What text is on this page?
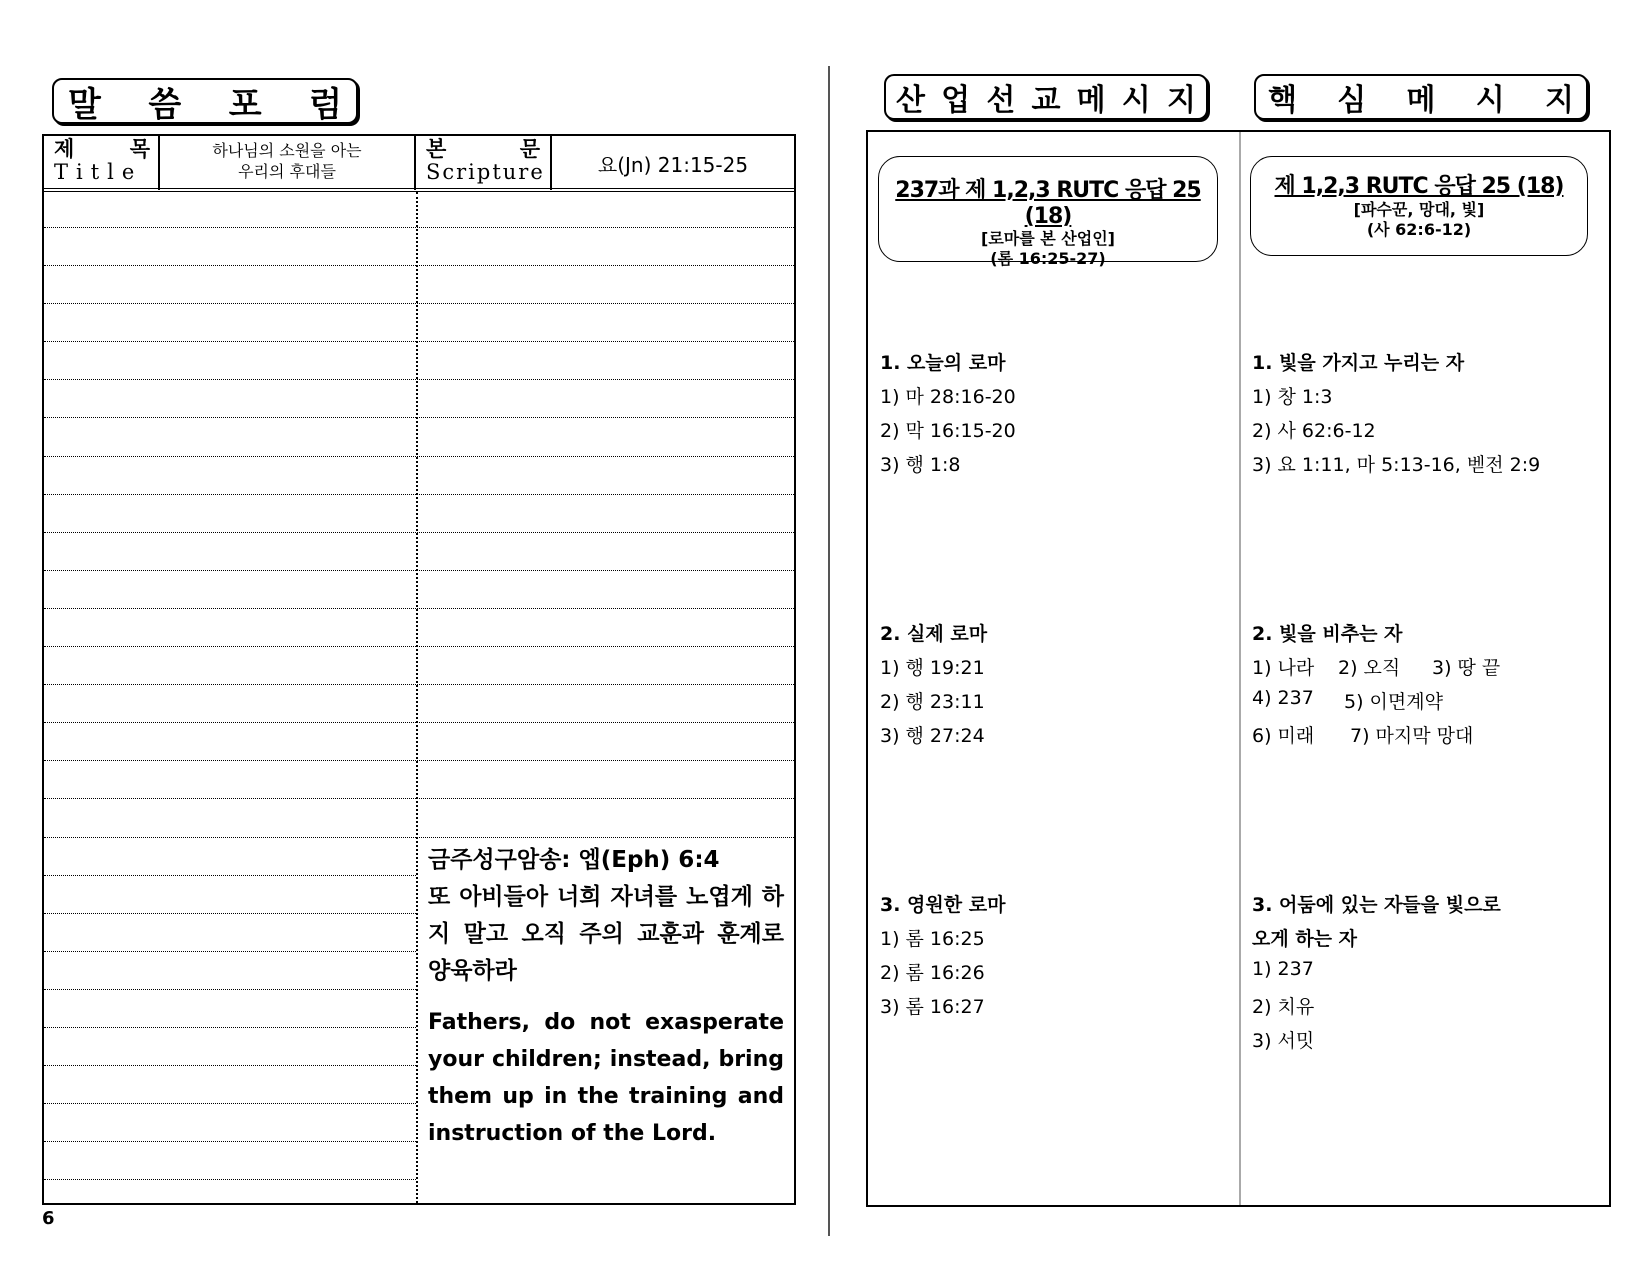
말 씀 포 럼
제	목
Title
하나님의 소원을 아는
우리의 후대들
본	문
Scripture	요(Jn) 21:15-25
금주성구암송: 엡(Eph) 6:4
또 아비들아 너희 자녀를 노엽게 하지 말고 오직 주의 교훈과 훈계로 양육하라
Fathers, do not exasperate your children; instead, bring them up in the training and instruction of the Lord.
6
산 업 선 교 메 시 지 핵 심 메 시 지
237과 제 1,2,3 RUTC 응답 25 (18)
[로마를 본 산업인]
(롬 16:25-27)
1. 오늘의 로마
1) 마 28:16-20
2) 막 16:15-20
3) 행 1:8
2. 실제 로마
1) 행 19:21
2) 행 23:11
3) 행 27:24
3. 영원한 로마
1) 롬 16:25
2) 롬 16:26
3) 롬 16:27
제 1,2,3 RUTC 응답 25 (18)
[파수꾼, 망대, 빛]
(사 62:6-12)
1. 빛을 가지고 누리는 자
1) 창 1:3
2) 사 62:6-12
3) 요 1:11, 마 5:13-16, 벧전 2:9
2. 빛을 비추는 자
1) 나라 2) 오직 3) 땅 끝
4) 237 5) 이면계약
6) 미래 7) 마지막 망대
3. 어둠에 있는 자들을 빛으로
오게 하는 자
1) 237
2) 치유
3) 서밋
